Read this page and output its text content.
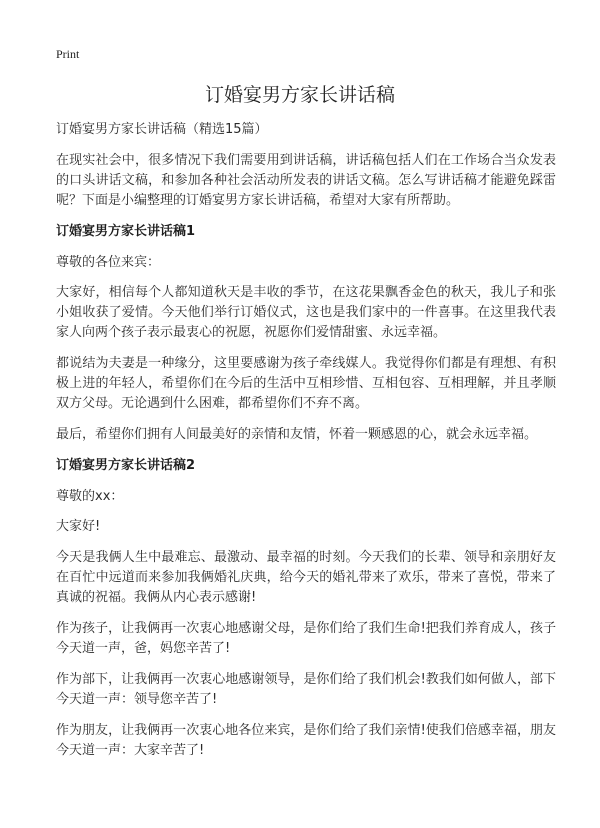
Print
订婚宴男方家长讲话稿
订婚宴男方家长讲话稿（精选15篇）

在现实社会中，很多情况下我们需要用到讲话稿，讲话稿包括人们在工作场合当众发表的口头讲话文稿，和参加各种社会活动所发表的讲话文稿。怎么写讲话稿才能避免踩雷呢？下面是小编整理的订婚宴男方家长讲话稿，希望对大家有所帮助。

订婚宴男方家长讲话稿1

尊敬的各位来宾：

大家好，相信每个人都知道秋天是丰收的季节，在这花果飘香金色的秋天，我儿子和张小姐收获了爱情。今天他们举行订婚仪式，这也是我们家中的一件喜事。在这里我代表家人向两个孩子表示最衷心的祝愿，祝愿你们爱情甜蜜、永远幸福。

都说结为夫妻是一种缘分，这里要感谢为孩子牵线媒人。我觉得你们都是有理想、有积极上进的年轻人，希望你们在今后的生活中互相珍惜、互相包容、互相理解，并且孝顺双方父母。无论遇到什么困难，都希望你们不弃不离。

最后，希望你们拥有人间最美好的亲情和友情，怀着一颗感恩的心，就会永远幸福。

订婚宴男方家长讲话稿2

尊敬的xx：

大家好!

今天是我俩人生中最难忘、最激动、最幸福的时刻。今天我们的长辈、领导和亲朋好友在百忙中远道而来参加我俩婚礼庆典，给今天的婚礼带来了欢乐，带来了喜悦，带来了真诚的祝福。我俩从内心表示感谢!

作为孩子，让我俩再一次衷心地感谢父母，是你们给了我们生命!把我们养育成人，孩子今天道一声，爸，妈您辛苦了!

作为部下，让我俩再一次衷心地感谢领导，是你们给了我们机会!教我们如何做人，部下今天道一声：领导您辛苦了!

作为朋友，让我俩再一次衷心地各位来宾，是你们给了我们亲情!使我们倍感幸福，朋友今天道一声：大家辛苦了!
